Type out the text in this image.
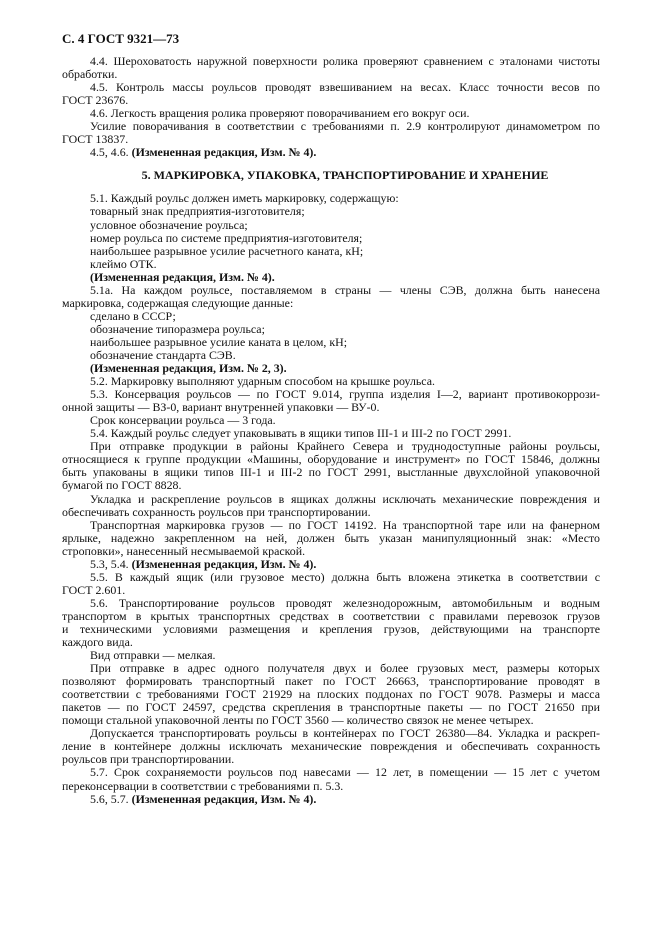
С. 4 ГОСТ 9321—73
4.4. Шероховатость наружной поверхности ролика проверяют сравнением с эталонами чистоты
обработки.
4.5. Контроль массы роульсов проводят взвешиванием на весах. Класс точности весов по
ГОСТ 23676.
4.6. Легкость вращения ролика проверяют поворачиванием его вокруг оси.
Усилие поворачивания в соответствии с требованиями п. 2.9 контролируют динамометром по
ГОСТ 13837.
4.5, 4.6. (Измененная редакция, Изм. № 4).
5. МАРКИРОВКА, УПАКОВКА, ТРАНСПОРТИРОВАНИЕ И ХРАНЕНИЕ
5.1. Каждый роульс должен иметь маркировку, содержащую:
товарный знак предприятия-изготовителя;
условное обозначение роульса;
номер роульса по системе предприятия-изготовителя;
наибольшее разрывное усилие расчетного каната, кН;
клеймо ОТК.
(Измененная редакция, Изм. № 4).
5.1а. На каждом роульсе, поставляемом в страны — члены СЭВ, должна быть нанесена
маркировка, содержащая следующие данные:
сделано в СССР;
обозначение типоразмера роульса;
наибольшее разрывное усилие каната в целом, кН;
обозначение стандарта СЭВ.
(Измененная редакция, Изм. № 2, 3).
5.2. Маркировку выполняют ударным способом на крышке роульса.
5.3. Консервация роульсов — по ГОСТ 9.014, группа изделия I—2, вариант противокоррози-
онной защиты — ВЗ-0, вариант внутренней упаковки — ВУ-0.
Срок консервации роульса — 3 года.
5.4. Каждый роульс следует упаковывать в ящики типов III-1 и III-2 по ГОСТ 2991.
При отправке продукции в районы Крайнего Севера и труднодоступные районы роульсы,
относящиеся к группе продукции «Машины, оборудование и инструмент» по ГОСТ 15846, должны
быть упакованы в ящики типов III-1 и III-2 по ГОСТ 2991, выстланные двухслойной упаковочной
бумагой по ГОСТ 8828.
Укладка и раскрепление роульсов в ящиках должны исключать механические повреждения и
обеспечивать сохранность роульсов при транспортировании.
Транспортная маркировка грузов — по ГОСТ 14192. На транспортной таре или на фанерном
ярлыке, надежно закрепленном на ней, должен быть указан манипуляционный знак: «Место
строповки», нанесенный несмываемой краской.
5.3, 5.4. (Измененная редакция, Изм. № 4).
5.5. В каждый ящик (или грузовое место) должна быть вложена этикетка в соответствии с
ГОСТ 2.601.
5.6. Транспортирование роульсов проводят железнодорожным, автомобильным и водным
транспортом в крытых транспортных средствах в соответствии с правилами перевозок грузов
и техническими условиями размещения и крепления грузов, действующими на транспорте
каждого вида.
Вид отправки — мелкая.
При отправке в адрес одного получателя двух и более грузовых мест, размеры которых
позволяют формировать транспортный пакет по ГОСТ 26663, транспортирование проводят в
соответствии с требованиями ГОСТ 21929 на плоских поддонах по ГОСТ 9078. Размеры и масса
пакетов — по ГОСТ 24597, средства скрепления в транспортные пакеты — по ГОСТ 21650 при
помощи стальной упаковочной ленты по ГОСТ 3560 — количество связок не менее четырех.
Допускается транспортировать роульсы в контейнерах по ГОСТ 26380—84. Укладка и раскреп-
ление в контейнере должны исключать механические повреждения и обеспечивать сохранность
роульсов при транспортировании.
5.7. Срок сохраняемости роульсов под навесами — 12 лет, в помещении — 15 лет с учетом
переконсервации в соответствии с требованиями п. 5.3.
5.6, 5.7. (Измененная редакция, Изм. № 4).
